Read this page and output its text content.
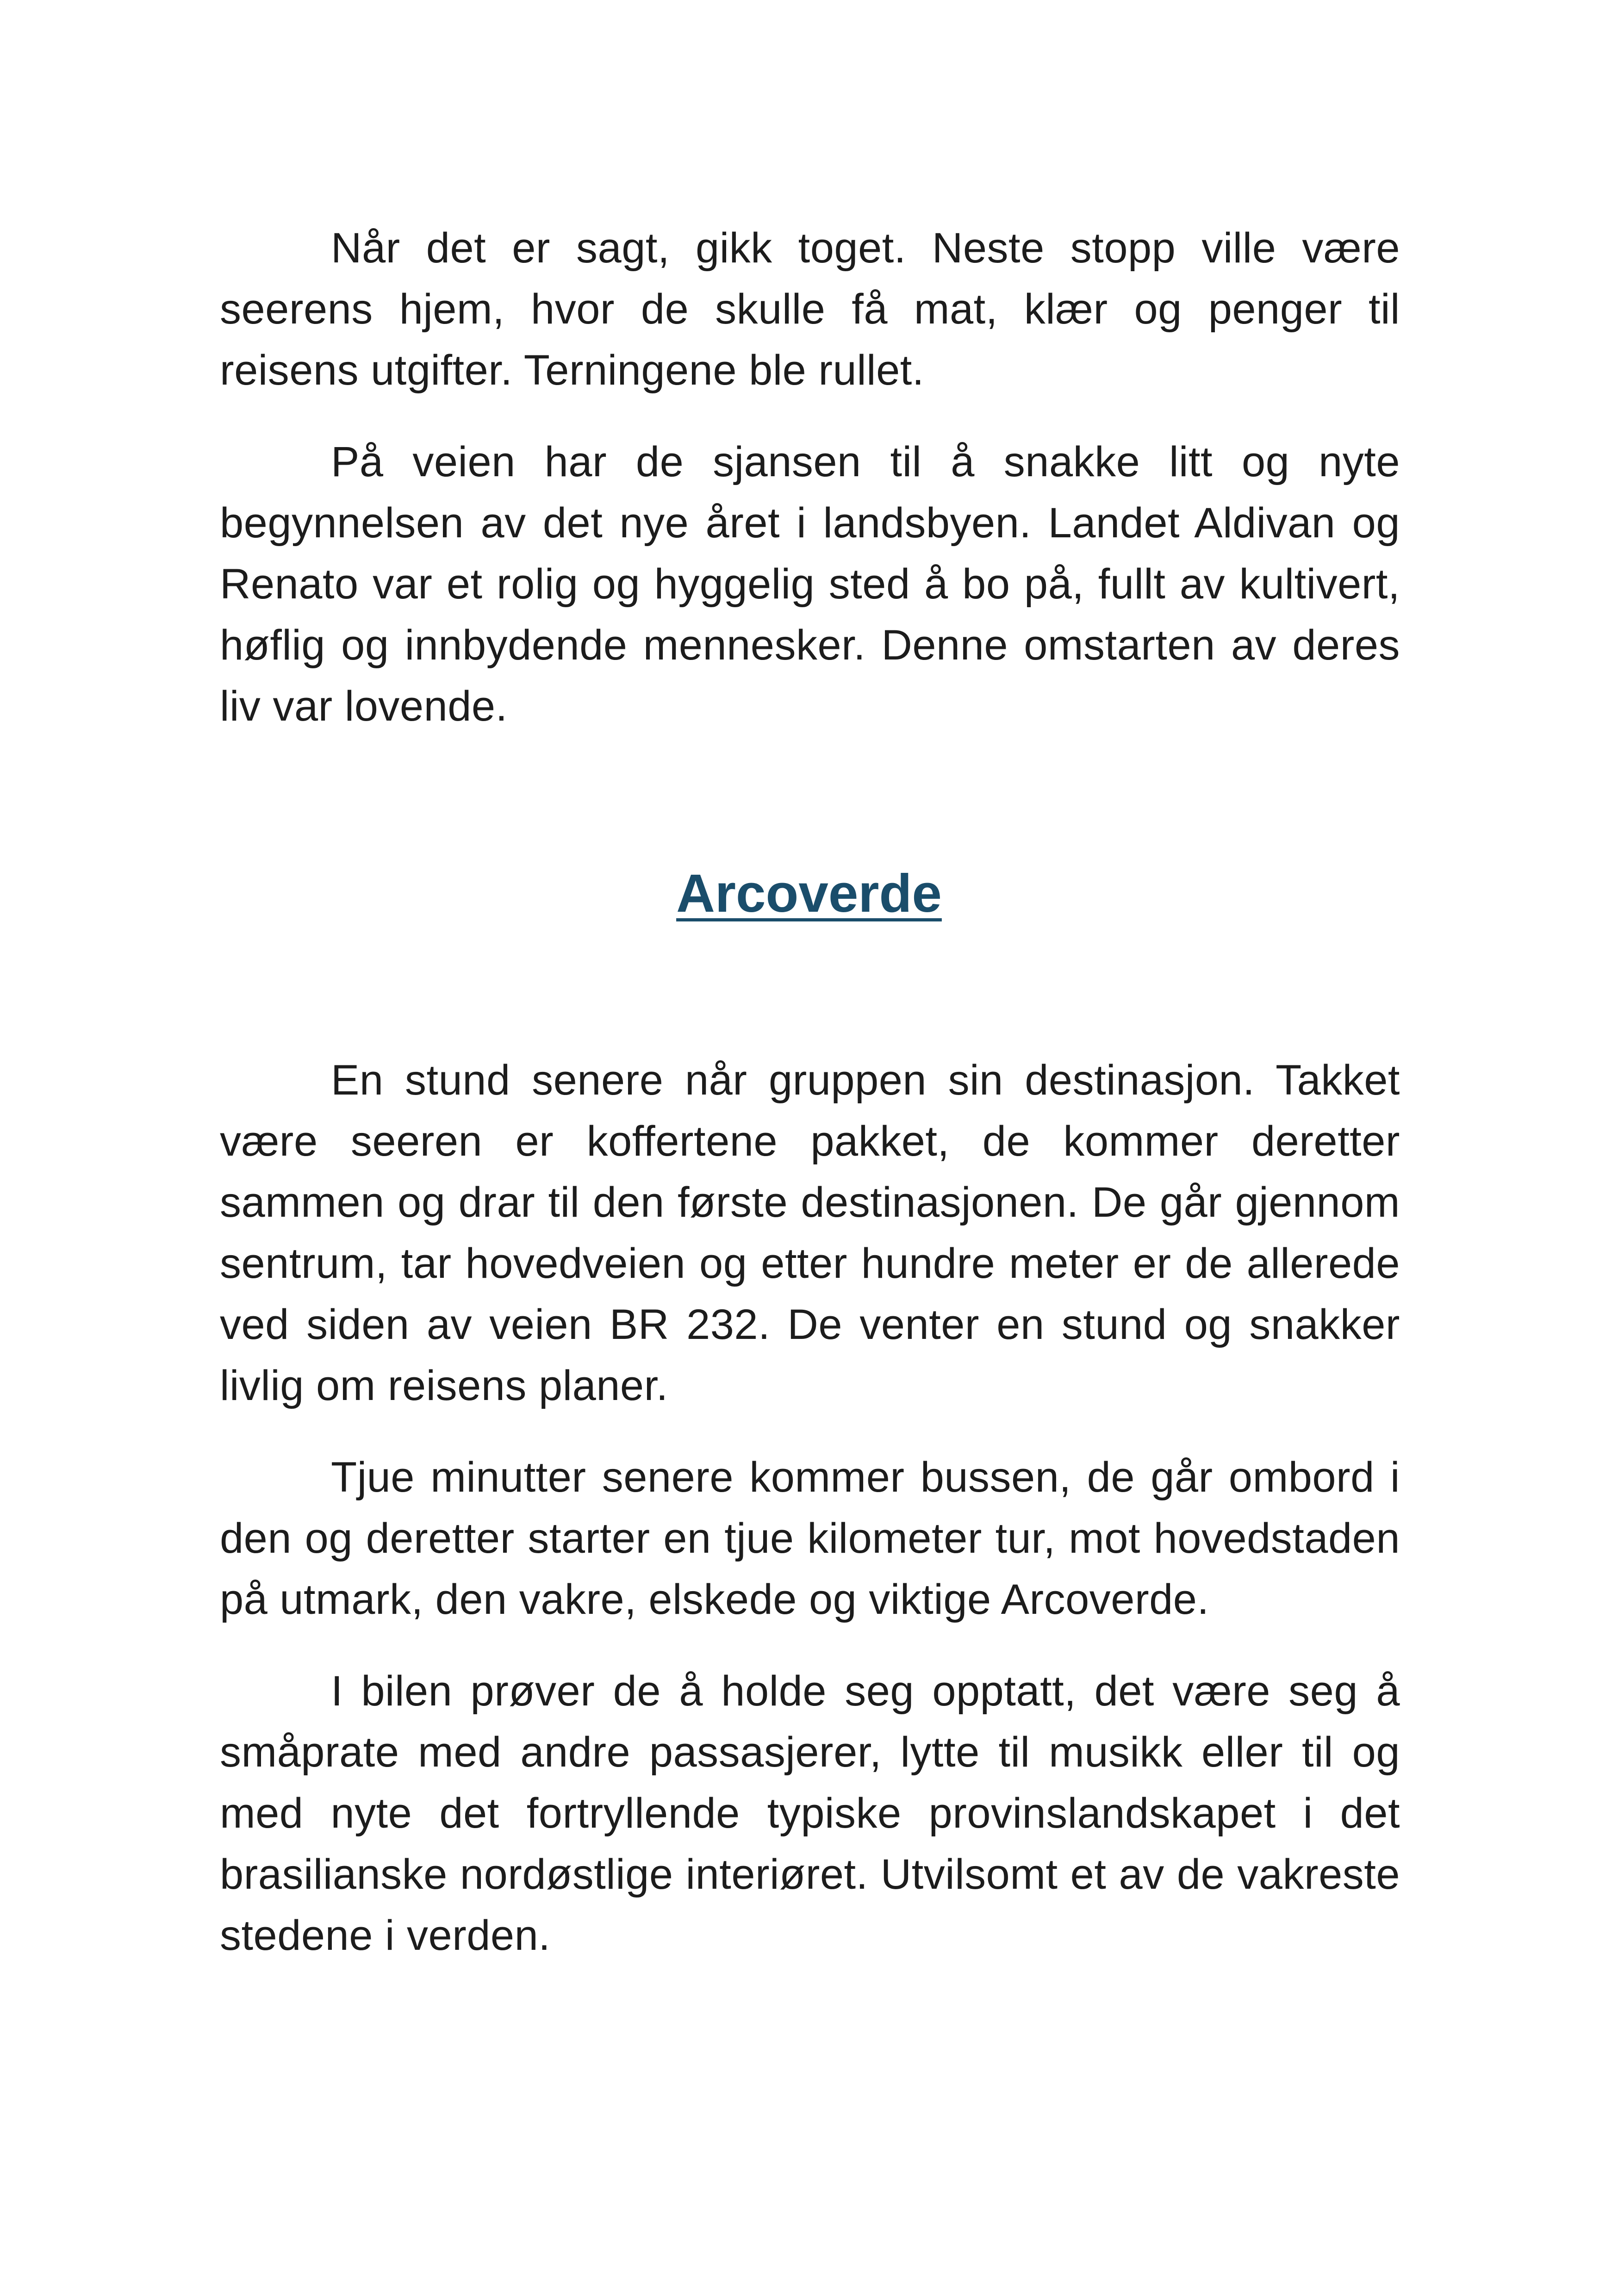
Når det er sagt, gikk toget. Neste stopp ville være seerens hjem, hvor de skulle få mat, klær og penger til reisens utgifter. Terningene ble rullet.

På veien har de sjansen til å snakke litt og nyte begynnelsen av det nye året i landsbyen. Landet Aldivan og Renato var et rolig og hyggelig sted å bo på, fullt av kultivert, høflig og innbydende mennesker. Denne omstarten av deres liv var lovende.

Arcoverde

En stund senere når gruppen sin destinasjon. Takket være seeren er koffertene pakket, de kommer deretter sammen og drar til den første destinasjonen. De går gjennom sentrum, tar hovedveien og etter hundre meter er de allerede ved siden av veien BR 232. De venter en stund og snakker livlig om reisens planer.

Tjue minutter senere kommer bussen, de går ombord i den og deretter starter en tjue kilometer tur, mot hovedstaden på utmark, den vakre, elskede og viktige Arcoverde.

I bilen prøver de å holde seg opptatt, det være seg å småprate med andre passasjerer, lytte til musikk eller til og med nyte det fortryllende typiske provinslandskapet i det brasilianske nordøstlige interiøret. Utvilsomt et av de vakreste stedene i verden.
